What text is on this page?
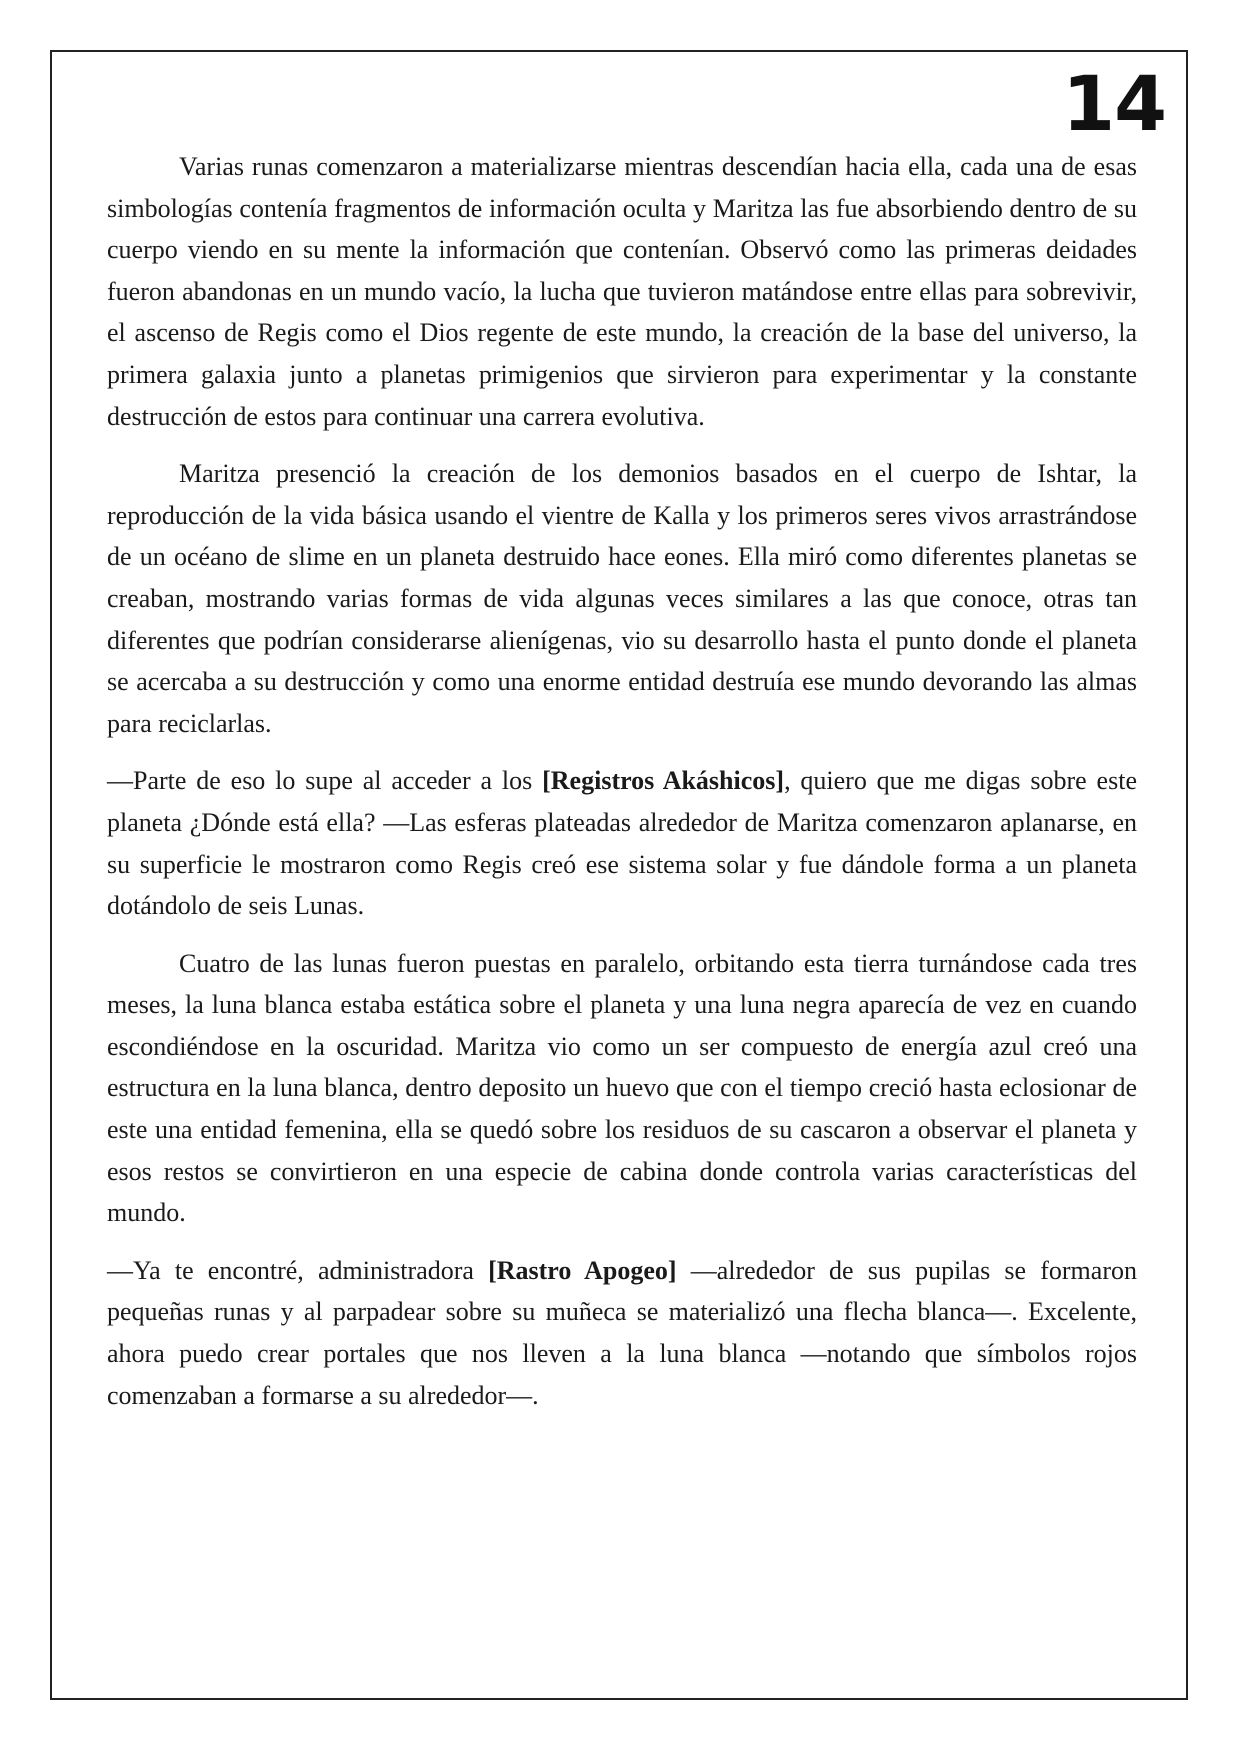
14

Varias runas comenzaron a materializarse mientras descendían hacia ella, cada una de esas simbologías contenía fragmentos de información oculta y Maritza las fue absorbiendo dentro de su cuerpo viendo en su mente la información que contenían. Observó como las primeras deidades fueron abandonas en un mundo vacío, la lucha que tuvieron matándose entre ellas para sobrevivir, el ascenso de Regis como el Dios regente de este mundo, la creación de la base del universo, la primera galaxia junto a planetas primigenios que sirvieron para experimentar y la constante destrucción de estos para continuar una carrera evolutiva.

Maritza presenció la creación de los demonios basados en el cuerpo de Ishtar, la reproducción de la vida básica usando el vientre de Kalla y los primeros seres vivos arrastrándose de un océano de slime en un planeta destruido hace eones. Ella miró como diferentes planetas se creaban, mostrando varias formas de vida algunas veces similares a las que conoce, otras tan diferentes que podrían considerarse alienígenas, vio su desarrollo hasta el punto donde el planeta se acercaba a su destrucción y como una enorme entidad destruía ese mundo devorando las almas para reciclarlas.

—Parte de eso lo supe al acceder a los [Registros Akáshicos], quiero que me digas sobre este planeta ¿Dónde está ella? —Las esferas plateadas alrededor de Maritza comenzaron aplanarse, en su superficie le mostraron como Regis creó ese sistema solar y fue dándole forma a un planeta dotándolo de seis Lunas.

Cuatro de las lunas fueron puestas en paralelo, orbitando esta tierra turnándose cada tres meses, la luna blanca estaba estática sobre el planeta y una luna negra aparecía de vez en cuando escondiéndose en la oscuridad. Maritza vio como un ser compuesto de energía azul creó una estructura en la luna blanca, dentro deposito un huevo que con el tiempo creció hasta eclosionar de este una entidad femenina, ella se quedó sobre los residuos de su cascaron a observar el planeta y esos restos se convirtieron en una especie de cabina donde controla varias características del mundo.

—Ya te encontré, administradora [Rastro Apogeo] —alrededor de sus pupilas se formaron pequeñas runas y al parpadear sobre su muñeca se materializó una flecha blanca—. Excelente, ahora puedo crear portales que nos lleven a la luna blanca —notando que símbolos rojos comenzaban a formarse a su alrededor—.
